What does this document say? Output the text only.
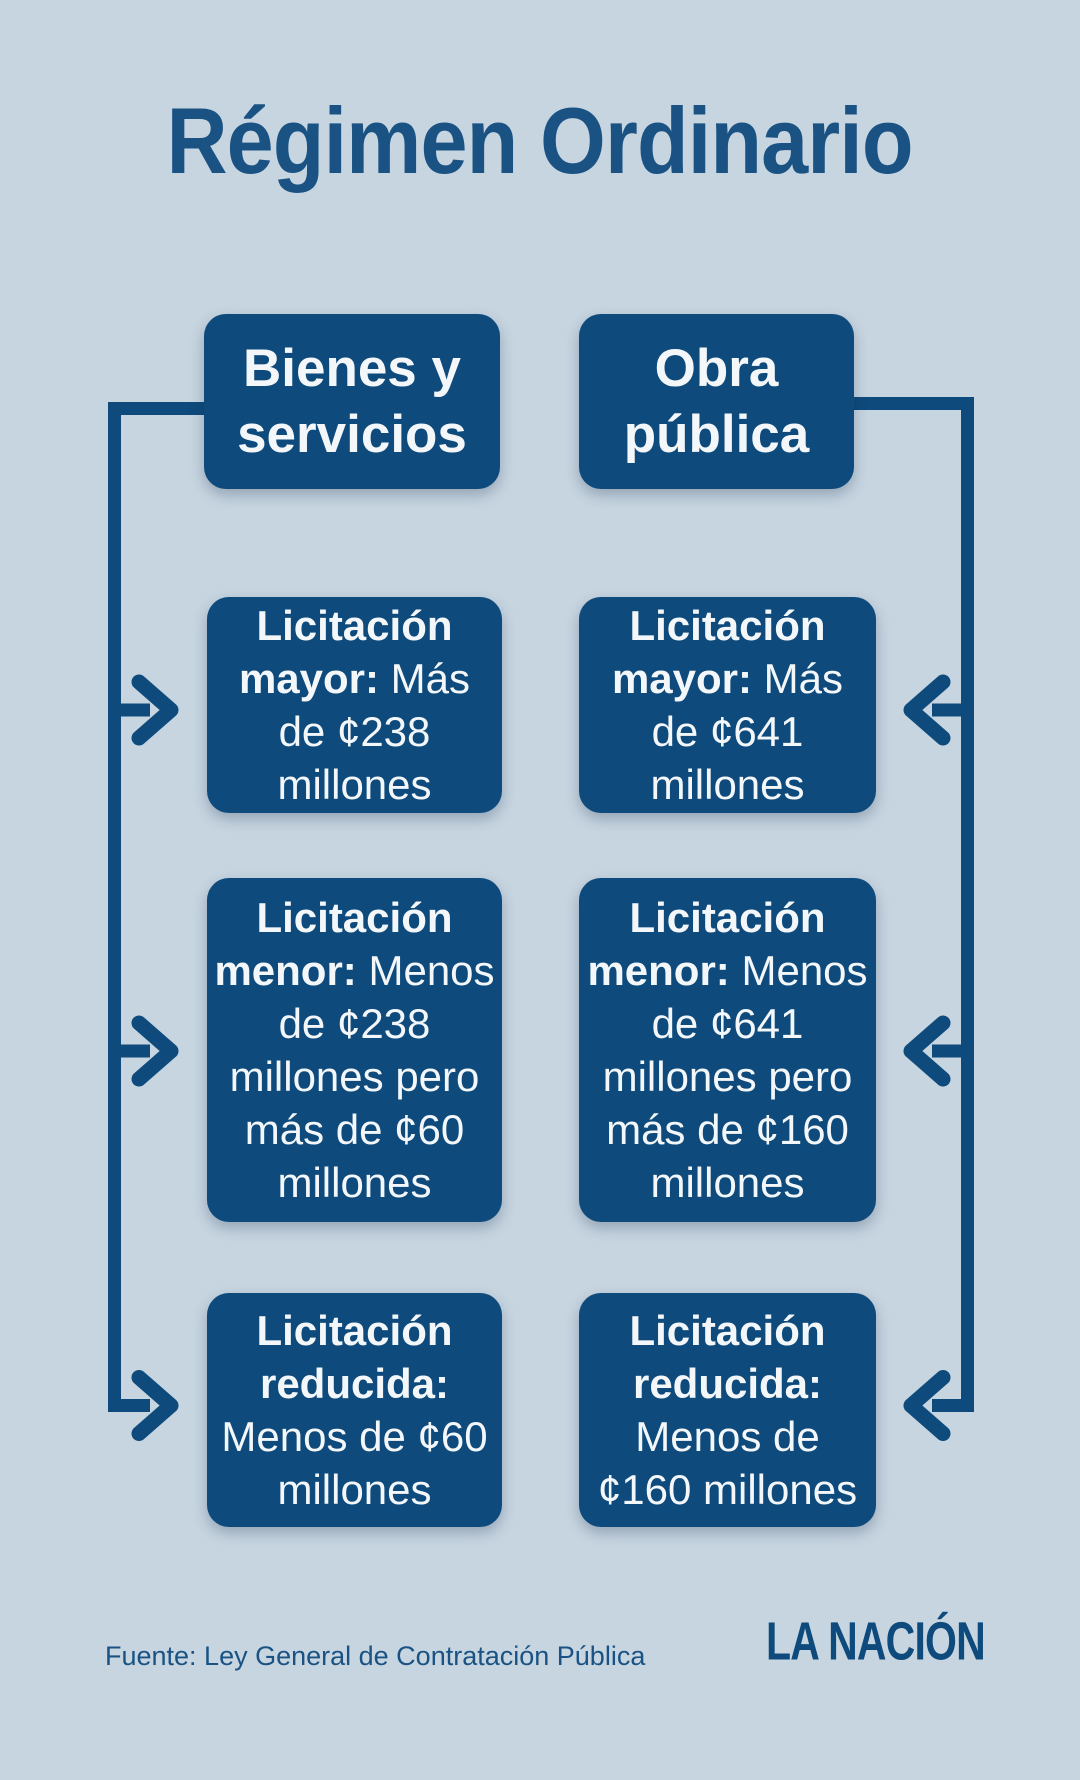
Régimen Ordinario

Bienes y servicios

Obra pública

Licitación mayor: Más de ¢238 millones

Licitación menor: Menos de ¢238 millones pero más de ¢60 millones

Licitación reducida: Menos de ¢60 millones

Licitación mayor: Más de ¢641 millones

Licitación menor: Menos de ¢641 millones pero más de ¢160 millones

Licitación reducida: Menos de ¢160 millones

Fuente: Ley General de Contratación Pública	LA NACIÓN
